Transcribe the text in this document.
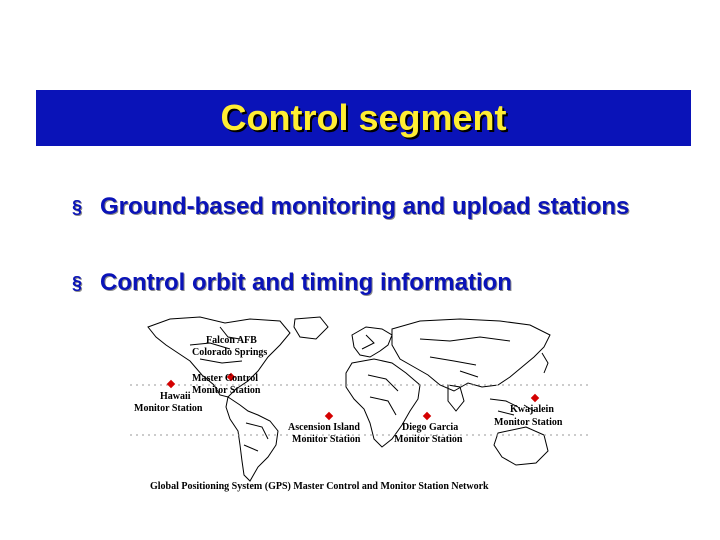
Control segment
§ Ground-based monitoring and upload stations
§ Control orbit and timing information
Falcon AFB
Colorado Springs
Master Control
Monitor Station
Hawaii
Monitor Station
Ascension Island
Monitor Station
Diego Garcia
Monitor Station
Kwajalein
Monitor Station
Global Positioning System (GPS) Master Control and Monitor Station Network
